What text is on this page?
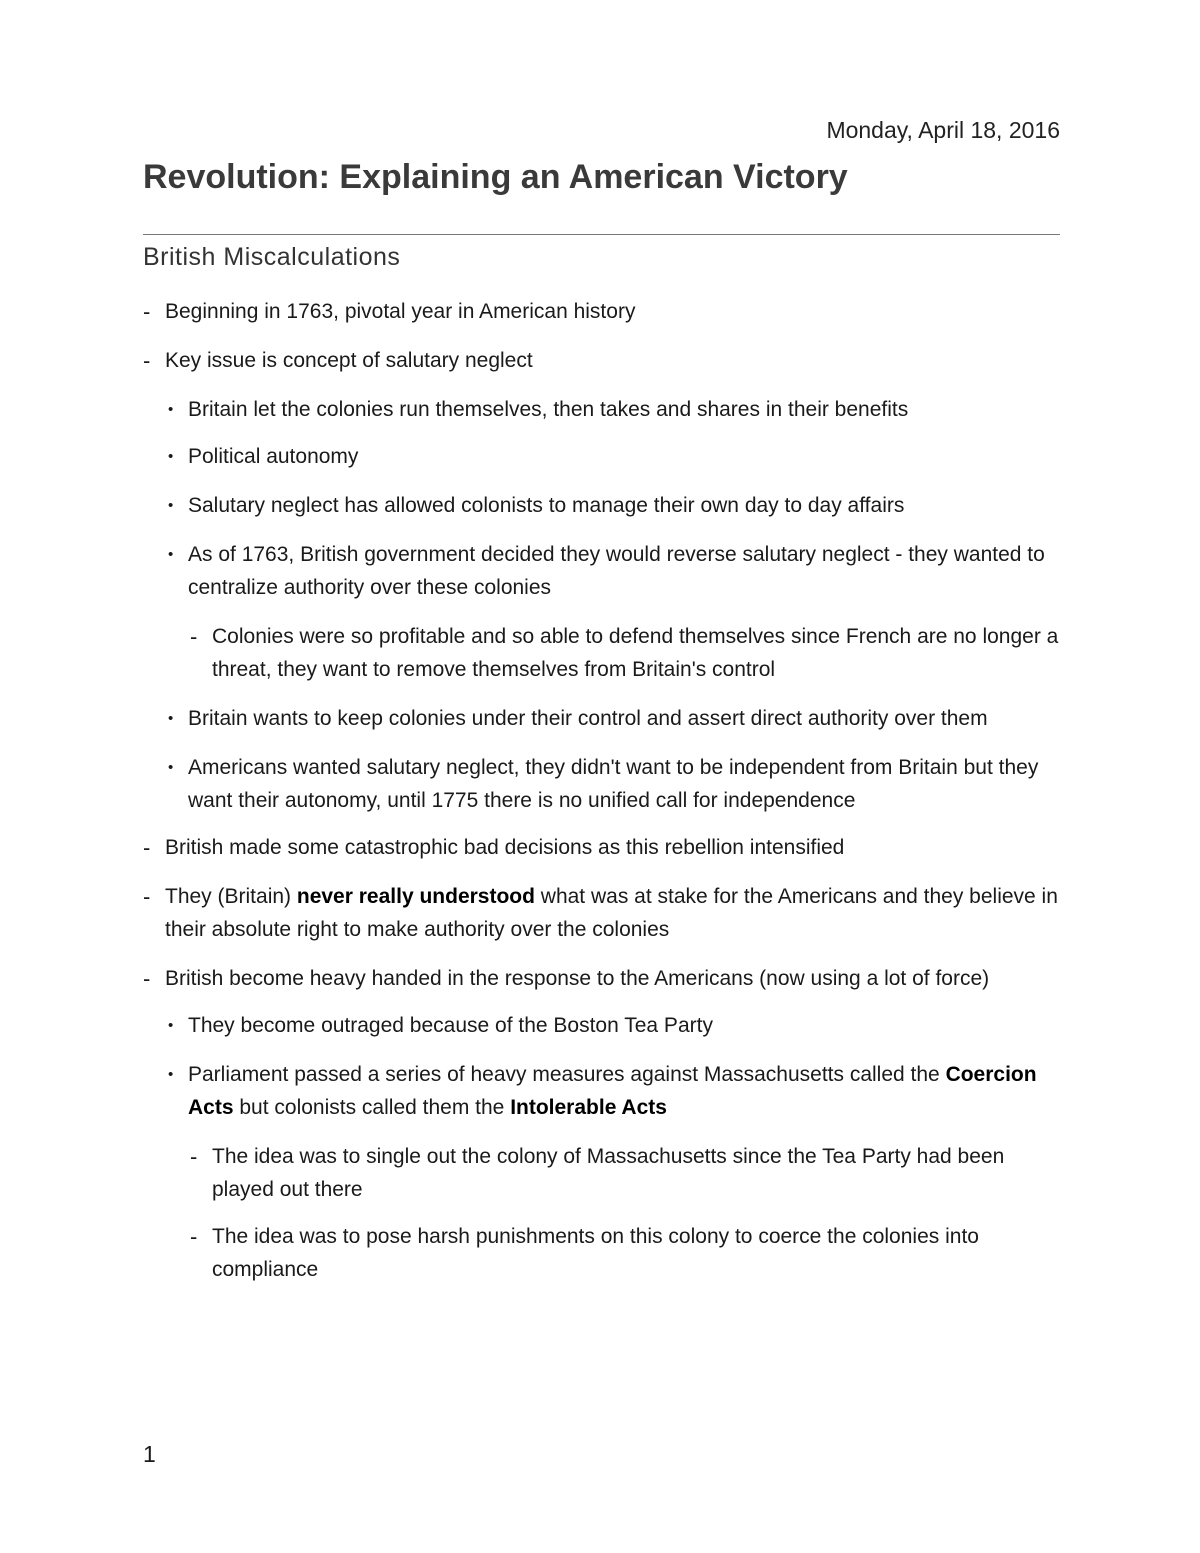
Monday, April 18, 2016
Revolution: Explaining an American Victory
British Miscalculations
- Beginning in 1763, pivotal year in American history
- Key issue is concept of salutary neglect
• Britain let the colonies run themselves, then takes and shares in their benefits
• Political autonomy
• Salutary neglect has allowed colonists to manage their own day to day affairs
• As of 1763, British government decided they would reverse salutary neglect - they wanted to centralize authority over these colonies
- Colonies were so profitable and so able to defend themselves since French are no longer a threat, they want to remove themselves from Britain's control
• Britain wants to keep colonies under their control and assert direct authority over them
• Americans wanted salutary neglect, they didn't want to be independent from Britain but they want their autonomy, until 1775 there is no unified call for independence
- British made some catastrophic bad decisions as this rebellion intensified
- They (Britain) never really understood what was at stake for the Americans and they believe in their absolute right to make authority over the colonies
- British become heavy handed in the response to the Americans (now using a lot of force)
• They become outraged because of the Boston Tea Party
• Parliament passed a series of heavy measures against Massachusetts called the Coercion Acts but colonists called them the Intolerable Acts
- The idea was to single out the colony of Massachusetts since the Tea Party had been played out there
- The idea was to pose harsh punishments on this colony to coerce the colonies into compliance
1
